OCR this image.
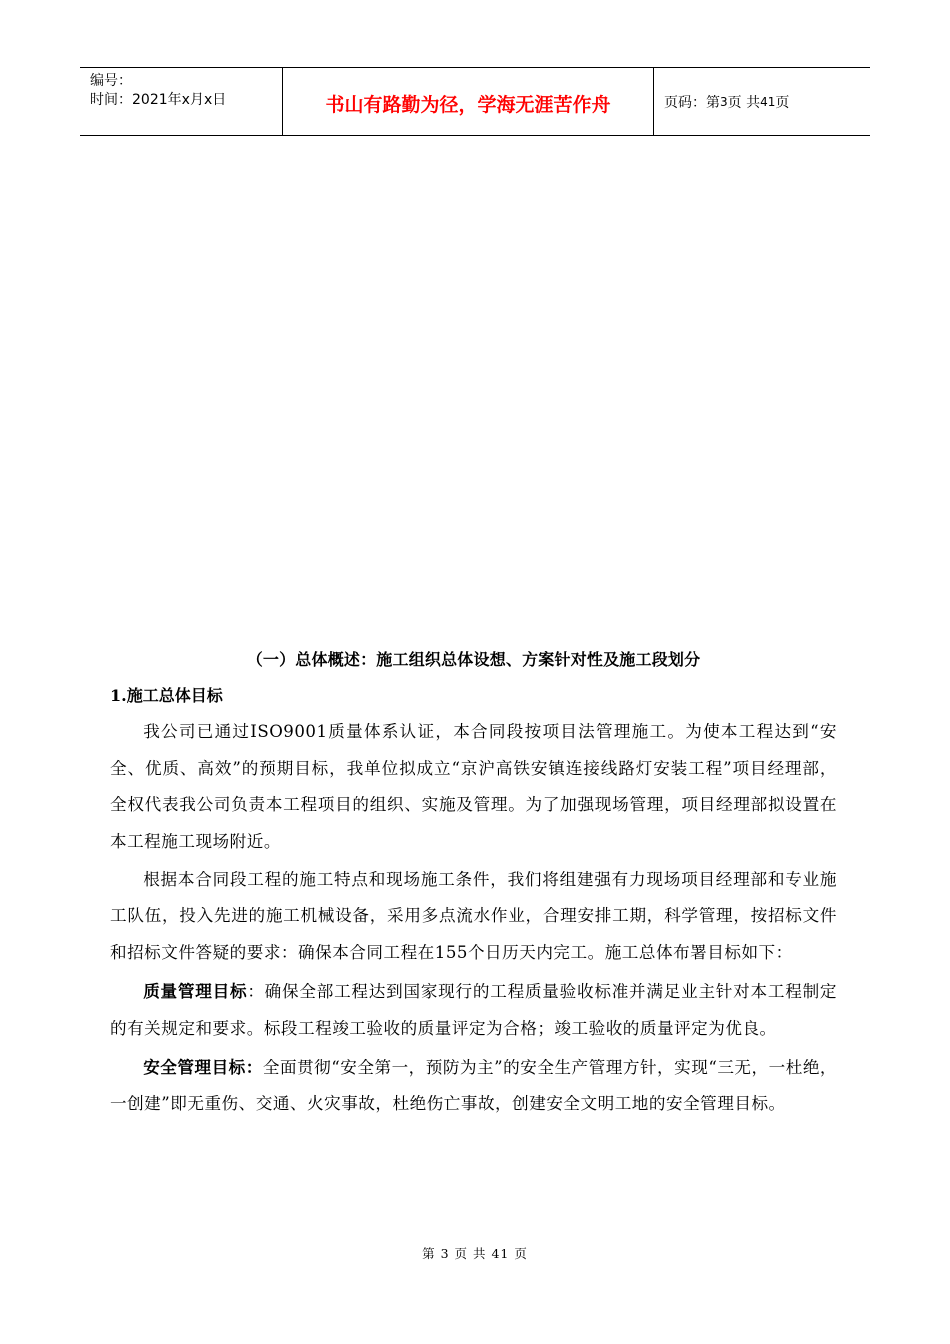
编号：
时间：2021年x月x日	书山有路勤为径，学海无涯苦作舟	页码：第 3 页 共 41 页

（一）总体概述：施工组织总体设想、方案针对性及施工段划分

1.施工总体目标

我公司已通过ISO9001质量体系认证，本合同段按项目法管理施工。为使本工程达到“安全、优质、高效”的预期目标，我单位拟成立“京沪高铁安镇连接线路灯安装工程”项目经理部，全权代表我公司负责本工程项目的组织、实施及管理。为了加强现场管理，项目经理部拟设置在本工程施工现场附近。

根据本合同段工程的施工特点和现场施工条件，我们将组建强有力现场项目经理部和专业施工队伍，投入先进的施工机械设备，采用多点流水作业，合理安排工期，科学管理，按招标文件和招标文件答疑的要求：确保本合同工程在155个日历天内完工。施工总体布署目标如下：

质量管理目标：确保全部工程达到国家现行的工程质量验收标准并满足业主针对本工程制定的有关规定和要求。标段工程竣工验收的质量评定为合格；竣工验收的质量评定为优良。

安全管理目标：全面贯彻“安全第一，预防为主”的安全生产管理方针，实现“三无，一杜绝，一创建”即无重伤、交通、火灾事故，杜绝伤亡事故，创建安全文明工地的安全管理目标。

第 3 页 共 41 页
